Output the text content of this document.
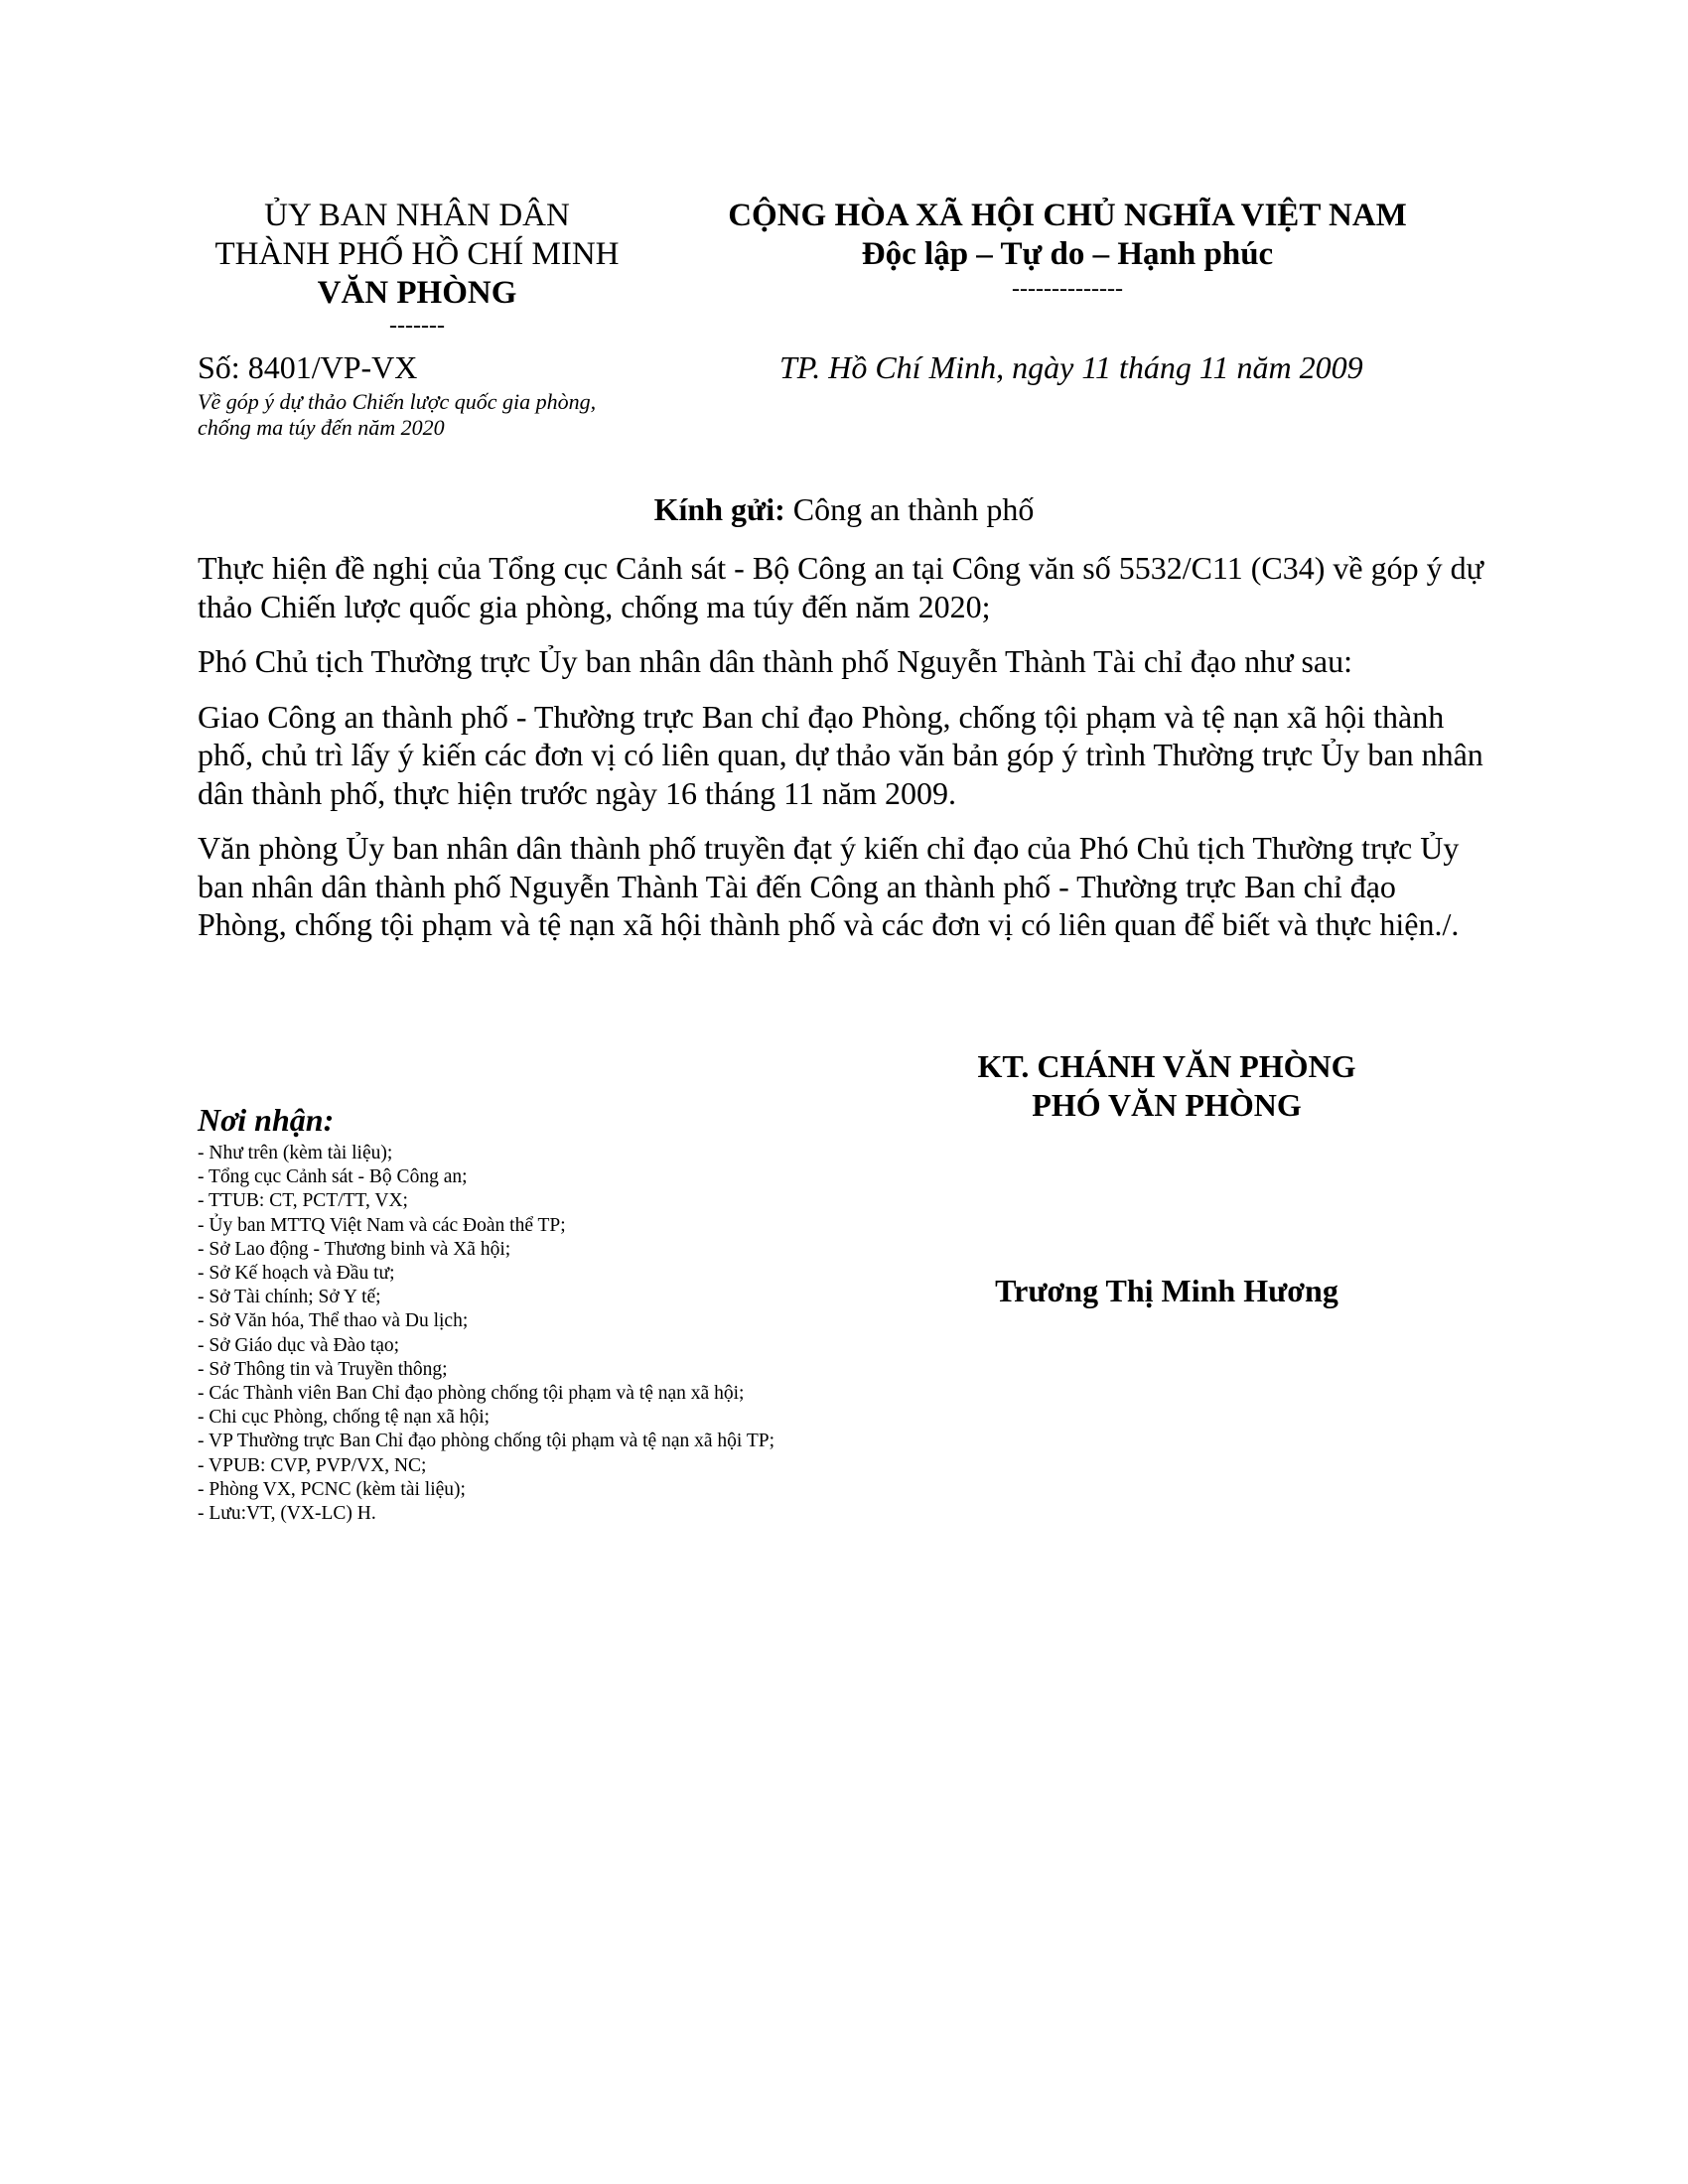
ỦY BAN NHÂN DÂN
THÀNH PHỐ HỒ CHÍ MINH
VĂN PHÒNG
-------
CỘNG HÒA XÃ HỘI CHỦ NGHĨA VIỆT NAM
Độc lập – Tự do – Hạnh phúc
--------------
Số: 8401/VP-VX
Về góp ý dự thảo Chiến lược quốc gia phòng, chống ma túy đến năm 2020
TP. Hồ Chí Minh, ngày 11 tháng 11 năm 2009
Kính gửi: Công an thành phố

Thực hiện đề nghị của Tổng cục Cảnh sát - Bộ Công an tại Công văn số 5532/C11 (C34) về góp ý dự thảo Chiến lược quốc gia phòng, chống ma túy đến năm 2020;

Phó Chủ tịch Thường trực Ủy ban nhân dân thành phố Nguyễn Thành Tài chỉ đạo như sau:

Giao Công an thành phố - Thường trực Ban chỉ đạo Phòng, chống tội phạm và tệ nạn xã hội thành phố, chủ trì lấy ý kiến các đơn vị có liên quan, dự thảo văn bản góp ý trình Thường trực Ủy ban nhân dân thành phố, thực hiện trước ngày 16 tháng 11 năm 2009.

Văn phòng Ủy ban nhân dân thành phố truyền đạt ý kiến chỉ đạo của Phó Chủ tịch Thường trực Ủy ban nhân dân thành phố Nguyễn Thành Tài đến Công an thành phố - Thường trực Ban chỉ đạo Phòng, chống tội phạm và tệ nạn xã hội thành phố và các đơn vị có liên quan để biết và thực hiện./.

KT. CHÁNH VĂN PHÒNG
PHÓ VĂN PHÒNG
Trương Thị Minh Hương
Nơi nhận:
- Như trên (kèm tài liệu);
- Tổng cục Cảnh sát - Bộ Công an;
- TTUB: CT, PCT/TT, VX;
- Ủy ban MTTQ Việt Nam và các Đoàn thể TP;
- Sở Lao động - Thương binh và Xã hội;
- Sở Kế hoạch và Đầu tư;
- Sở Tài chính; Sở Y tế;
- Sở Văn hóa, Thể thao và Du lịch;
- Sở Giáo dục và Đào tạo;
- Sở Thông tin và Truyền thông;
- Các Thành viên Ban Chỉ đạo phòng chống tội phạm và tệ nạn xã hội;
- Chi cục Phòng, chống tệ nạn xã hội;
- VP Thường trực Ban Chỉ đạo phòng chống tội phạm và tệ nạn xã hội TP;
- VPUB: CVP, PVP/VX, NC;
- Phòng VX, PCNC (kèm tài liệu);
- Lưu:VT, (VX-LC) H.
